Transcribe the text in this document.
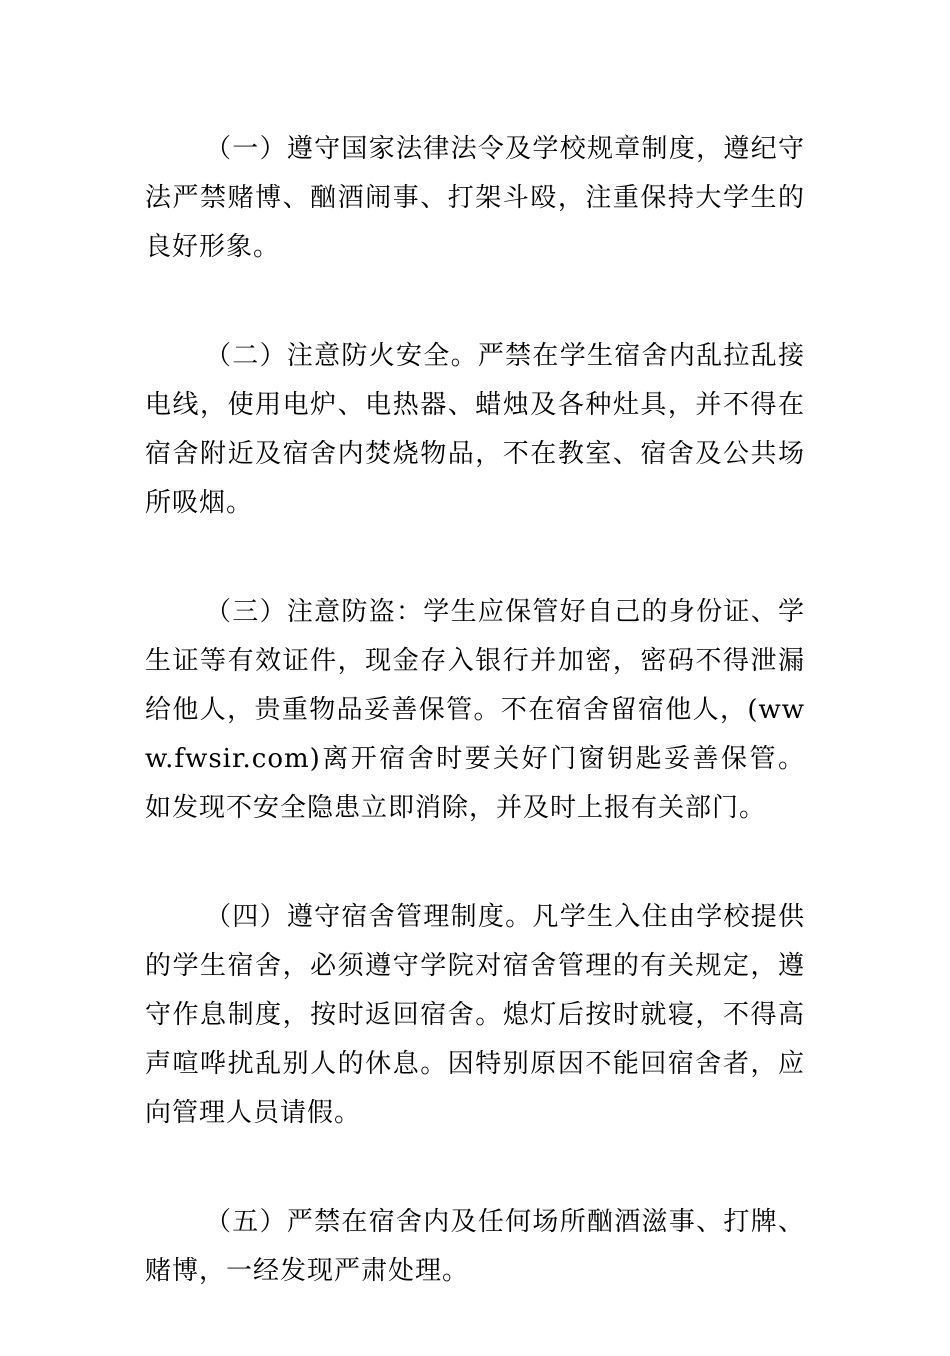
（一）遵守国家法律法令及学校规章制度，遵纪守法严禁赌博、酗酒闹事、打架斗殴，注重保持大学生的良好形象。

（二）注意防火安全。严禁在学生宿舍内乱拉乱接电线，使用电炉、电热器、蜡烛及各种灶具，并不得在宿舍附近及宿舍内焚烧物品，不在教室、宿舍及公共场所吸烟。

（三）注意防盗：学生应保管好自己的身份证、学生证等有效证件，现金存入银行并加密，密码不得泄漏给他人，贵重物品妥善保管。不在宿舍留宿他人，(www.fwsir.com)离开宿舍时要关好门窗钥匙妥善保管。如发现不安全隐患立即消除，并及时上报有关部门。

（四）遵守宿舍管理制度。凡学生入住由学校提供的学生宿舍，必须遵守学院对宿舍管理的有关规定，遵守作息制度，按时返回宿舍。熄灯后按时就寝，不得高声喧哗扰乱别人的休息。因特别原因不能回宿舍者，应向管理人员请假。

（五）严禁在宿舍内及任何场所酗酒滋事、打牌、赌博，一经发现严肃处理。
